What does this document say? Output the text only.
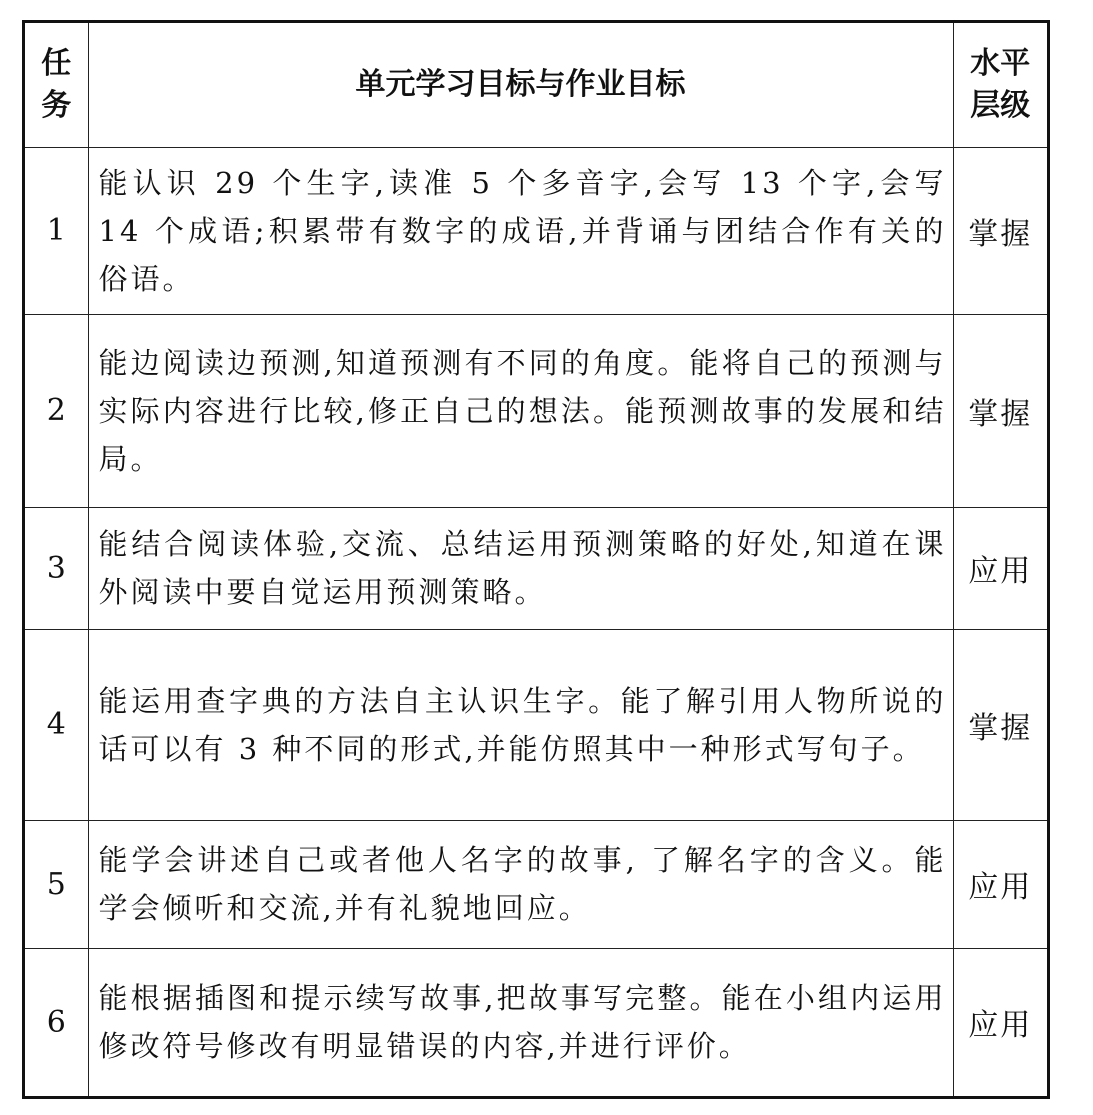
任务	单元学习目标与作业目标	水平层级
1	能认识 29 个生字,读准 5 个多音字,会写 13 个字,会写 14 个成语;积累带有数字的成语,并背诵与团结合作有关的俗语。	掌握
2	能边阅读边预测,知道预测有不同的角度。能将自己的预测与实际内容进行比较,修正自己的想法。能预测故事的发展和结局。	掌握
3	能结合阅读体验,交流、总结运用预测策略的好处,知道在课外阅读中要自觉运用预测策略。	应用
4	能运用查字典的方法自主认识生字。能了解引用人物所说的话可以有 3 种不同的形式,并能仿照其中一种形式写句子。	掌握
5	能学会讲述自己或者他人名字的故事, 了解名字的含义。能学会倾听和交流,并有礼貌地回应。	应用
6	能根据插图和提示续写故事,把故事写完整。能在小组内运用修改符号修改有明显错误的内容,并进行评价。	应用
